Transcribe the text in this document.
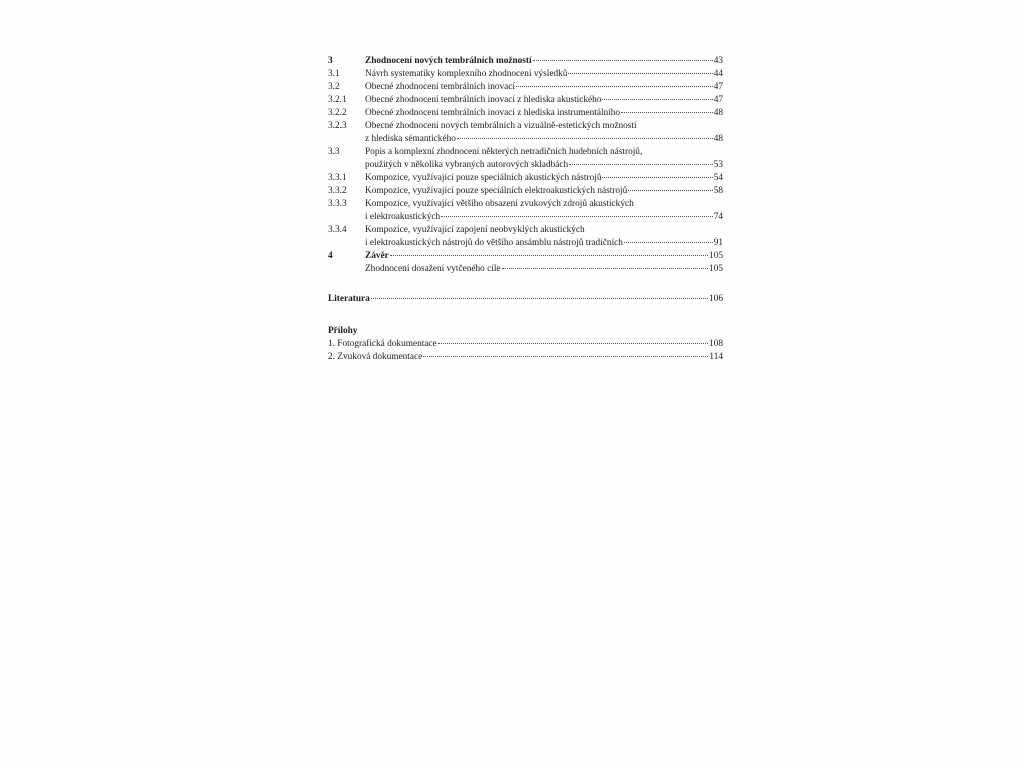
3	Zhodnocení nových tembrálních možností	43
3.1	Návrh systematiky komplexního zhodnocení výsledků	44
3.2	Obecné zhodnocení tembrálních inovací	47
3.2.1	Obecné zhodnocení tembrálních inovací z hlediska akustického	47
3.2.2	Obecné zhodnocení tembrálních inovací z hlediska instrumentálního	48
3.2.3	Obecné zhodnocení nových tembrálních a vizuálně-estetických možností
z hlediska sémantického	48
3.3	Popis a komplexní zhodnocení některých netradičních hudebních nástrojů,
použitých v několika vybraných autorových skladbách	53
3.3.1	Kompozice, využívající pouze speciálních akustických nástrojů	54
3.3.2	Kompozice, využívající pouze speciálních elektroakustických nástrojů	58
3.3.3	Kompozice, využívající většího obsazení zvukových zdrojů akustických
i elektroakustických	74
3.3.4	Kompozice, využívající zapojení neobvyklých akustických
i elektroakustických nástrojů do většího ansámblu nástrojů tradičních	91
4	Závěr	105
Zhodnocení dosažení vytčeného cíle	105
Literatura	106
Přílohy
1. Fotografická dokumentace	108
2. Zvuková dokumentace	114
